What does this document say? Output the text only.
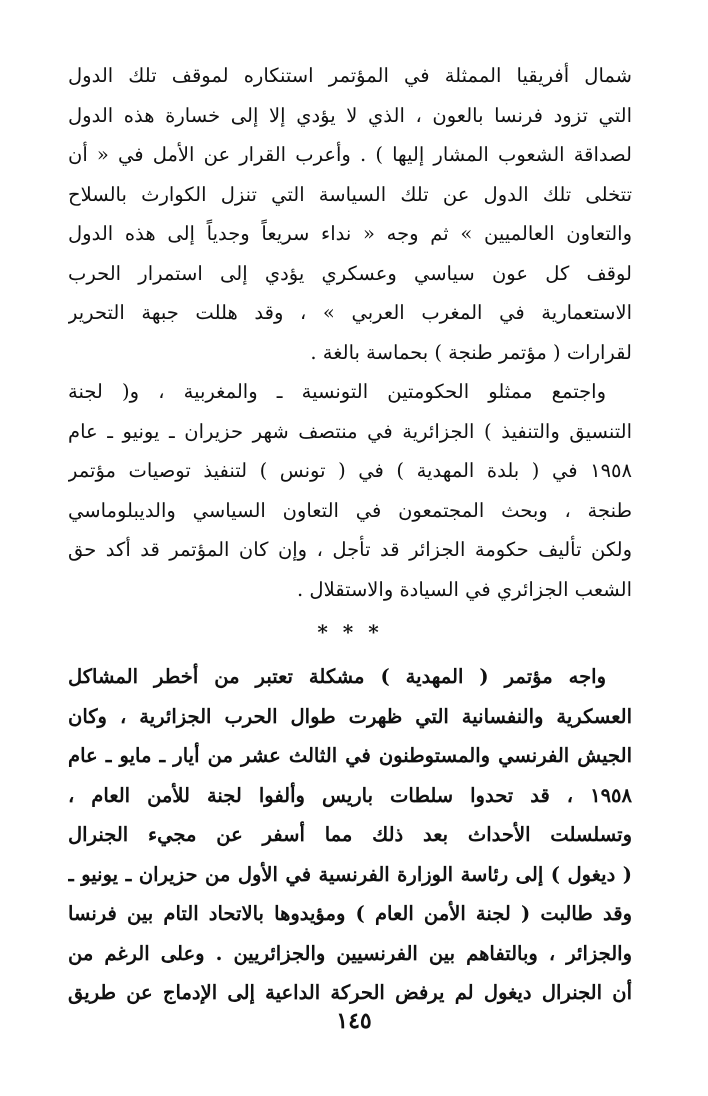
شمال أفريقيا الممثلة في المؤتمر استنكاره لموقف تلك الدول
التي تزود فرنسا بالعون ، الذي لا يؤدي إلا إلى خسارة هذه الدول
لصداقة الشعوب المشار إليها ) . وأعرب القرار عن الأمل في « أن
تتخلى تلك الدول عن تلك السياسة التي تنزل الكوارث بالسلاح
والتعاون العالميين » ثم وجه « نداء سريعاً وجدياً إلى هذه الدول
لوقف كل عون سياسي وعسكري يؤدي إلى استمرار الحرب
الاستعمارية في المغرب العربي » ، وقد هللت جبهة التحرير
لقرارات ( مؤتمر طنجة ) بحماسة بالغة .
واجتمع ممثلو الحكومتين التونسية ـ والمغربية ، و( لجنة
التنسيق والتنفيذ ) الجزائرية في منتصف شهر حزيران ـ يونيو ـ عام
١٩٥٨ في ( بلدة المهدية ) في ( تونس ) لتنفيذ توصيات مؤتمر
طنجة ، وبحث المجتمعون في التعاون السياسي والديبلوماسي
ولكن تأليف حكومة الجزائر قد تأجل ، وإن كان المؤتمر قد أكد حق
الشعب الجزائري في السيادة والاستقلال .
* * *
واجه مؤتمر ( المهدية ) مشكلة تعتبر من أخطر المشاكل
العسكرية والنفسانية التي ظهرت طوال الحرب الجزائرية ، وكان
الجيش الفرنسي والمستوطنون في الثالث عشر من أيار ـ مايو ـ عام
١٩٥٨ ، قد تحدوا سلطات باريس وألفوا لجنة للأمن العام ،
وتسلسلت الأحداث بعد ذلك مما أسفر عن مجيء الجنرال
( ديغول ) إلى رئاسة الوزارة الفرنسية في الأول من حزيران ـ يونيو ـ
وقد طالبت ( لجنة الأمن العام ) ومؤيدوها بالاتحاد التام بين فرنسا
والجزائر ، وبالتفاهم بين الفرنسيين والجزائريين . وعلى الرغم من
أن الجنرال ديغول لم يرفض الحركة الداعية إلى الإدماج عن طريق
١٤٥
